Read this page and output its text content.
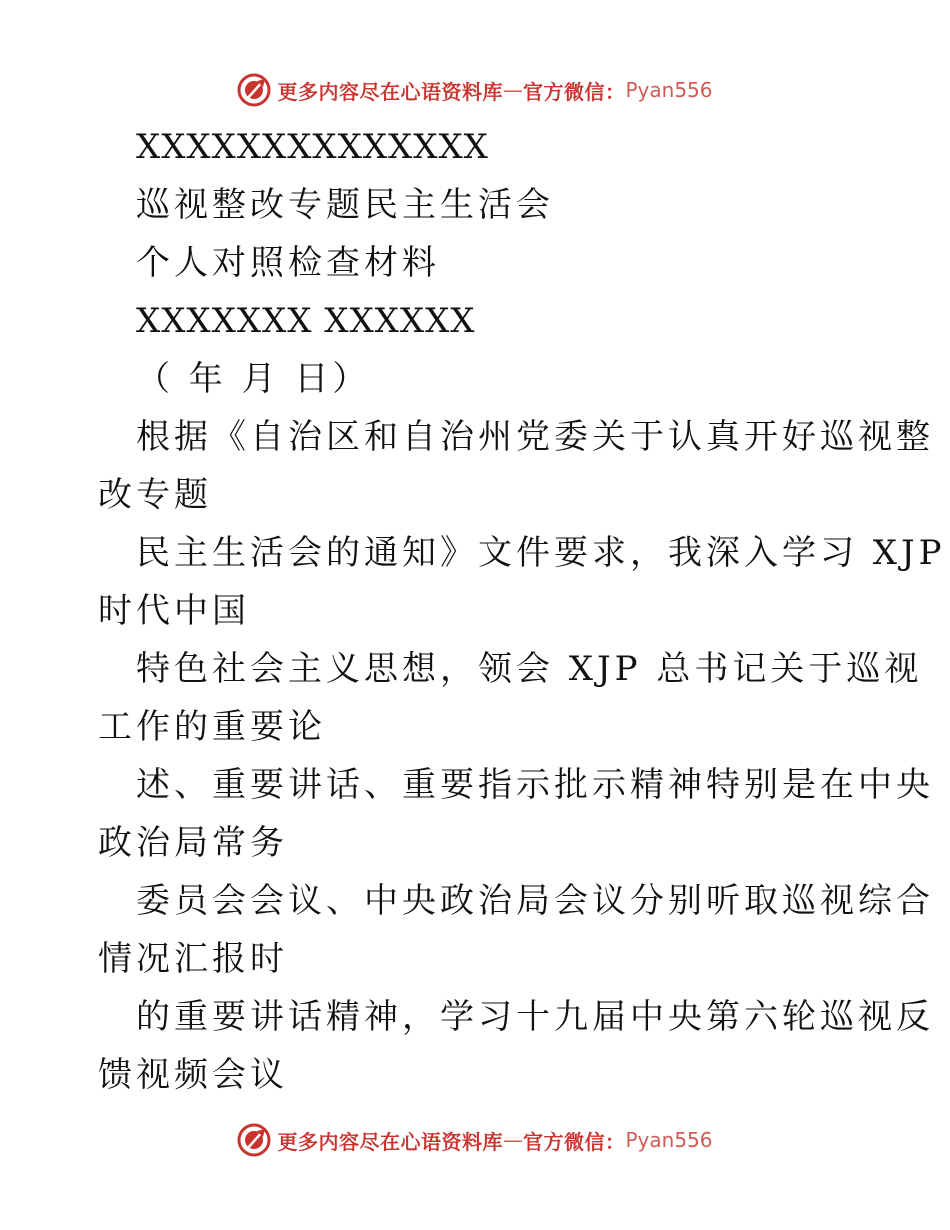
更多内容尽在心语资料库 — 官方微信： Pyan556
XXXXXXXXXXXXXX
巡视整改专题民主生活会
个人对照检查材料
XXXXXXX XXXXXX
（ 年 月 日）
根据《自治区和自治州党委关于认真开好巡视整
改专题
民主生活会的通知》文件要求，我深入学习 XJP
时代中国
特色社会主义思想，领会 XJP 总书记关于巡视
工作的重要论
述、重要讲话、重要指示批示精神特别是在中央
政治局常务
委员会会议、中央政治局会议分别听取巡视综合
情况汇报时
的重要讲话精神，学习十九届中央第六轮巡视反
馈视频会议
更多内容尽在心语资料库 — 官方微信： Pyan556
